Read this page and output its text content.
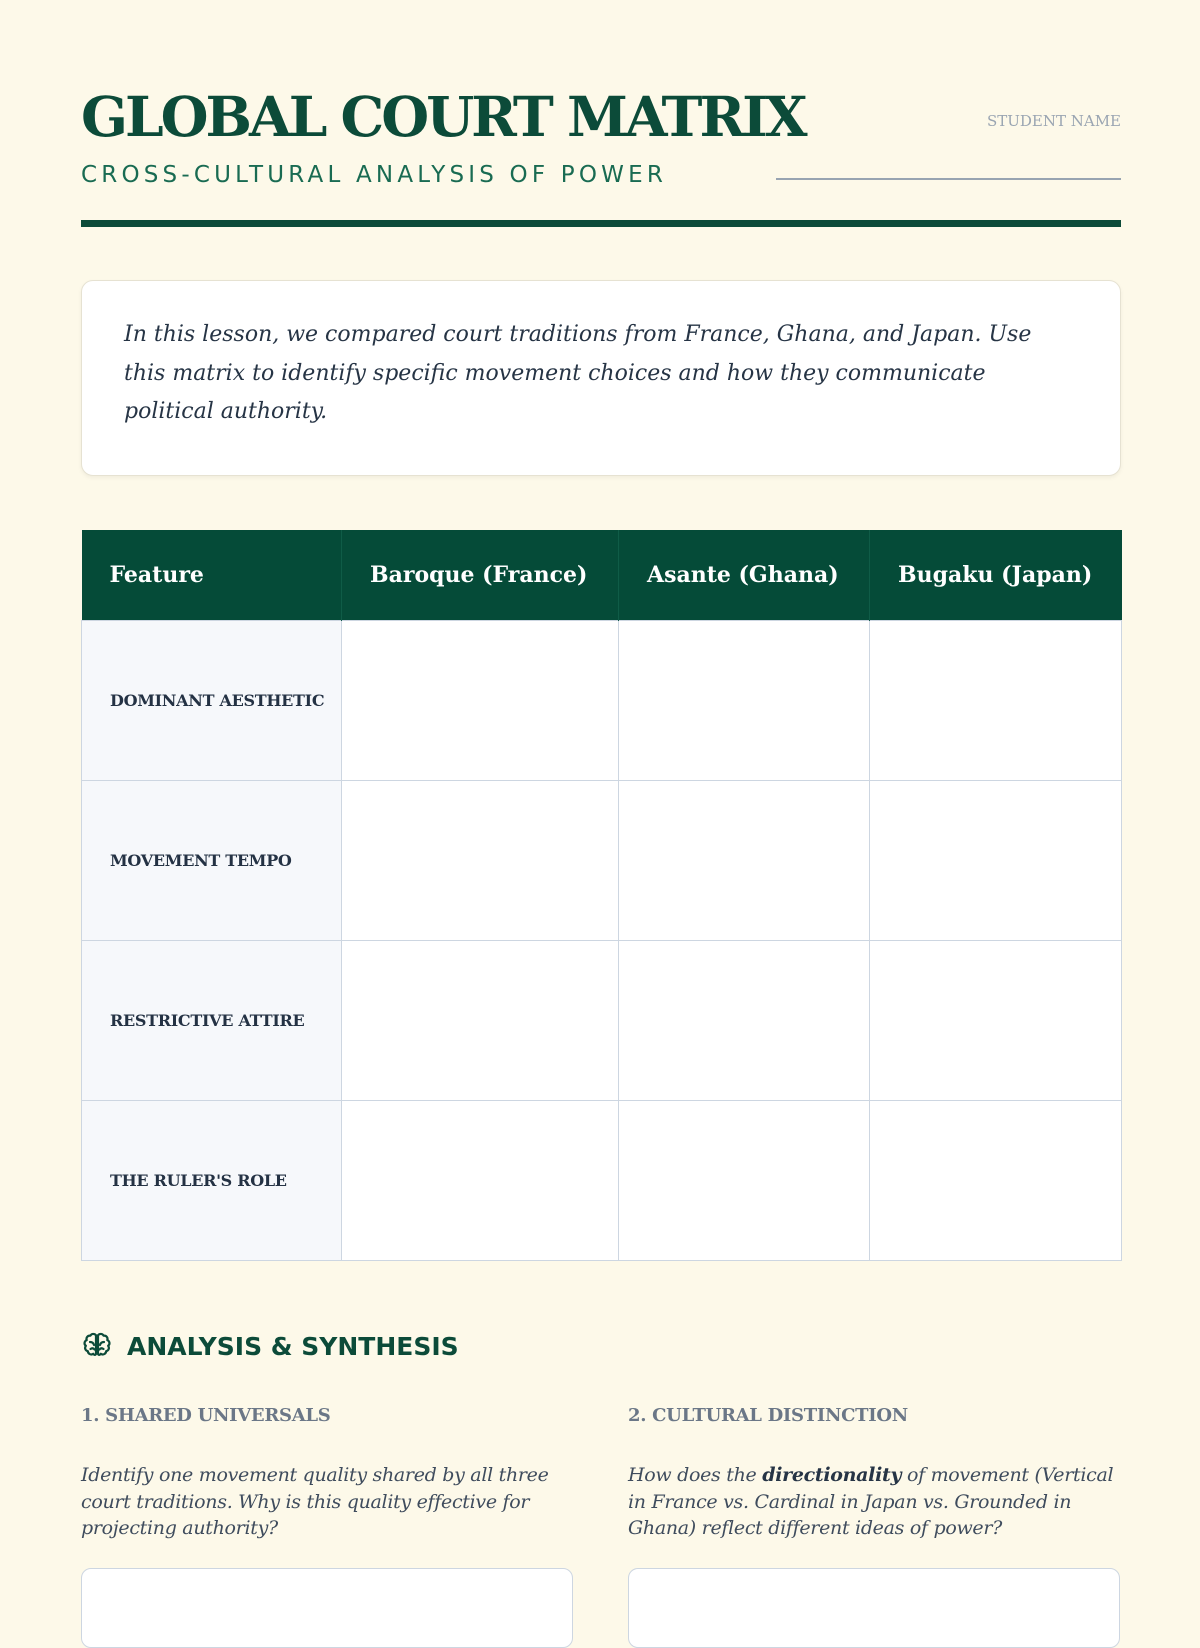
GLOBAL COURT MATRIX

CROSS-CULTURAL ANALYSIS OF POWER

STUDENT NAME

In this lesson, we compared court traditions from France, Ghana, and Japan. Use this matrix to identify specific movement choices and how they communicate political authority.

Feature	Baroque (France)	Asante (Ghana)	Bugaku (Japan)
DOMINANT AESTHETIC			
MOVEMENT TEMPO			
RESTRICTIVE ATTIRE			
THE RULER'S ROLE			
ANALYSIS & SYNTHESIS

1. SHARED UNIVERSALS

Identify one movement quality shared by all three court traditions. Why is this quality effective for projecting authority?

2. CULTURAL DISTINCTION

How does the directionality of movement (Vertical in France vs. Cardinal in Japan vs. Grounded in Ghana) reflect different ideas of power?
